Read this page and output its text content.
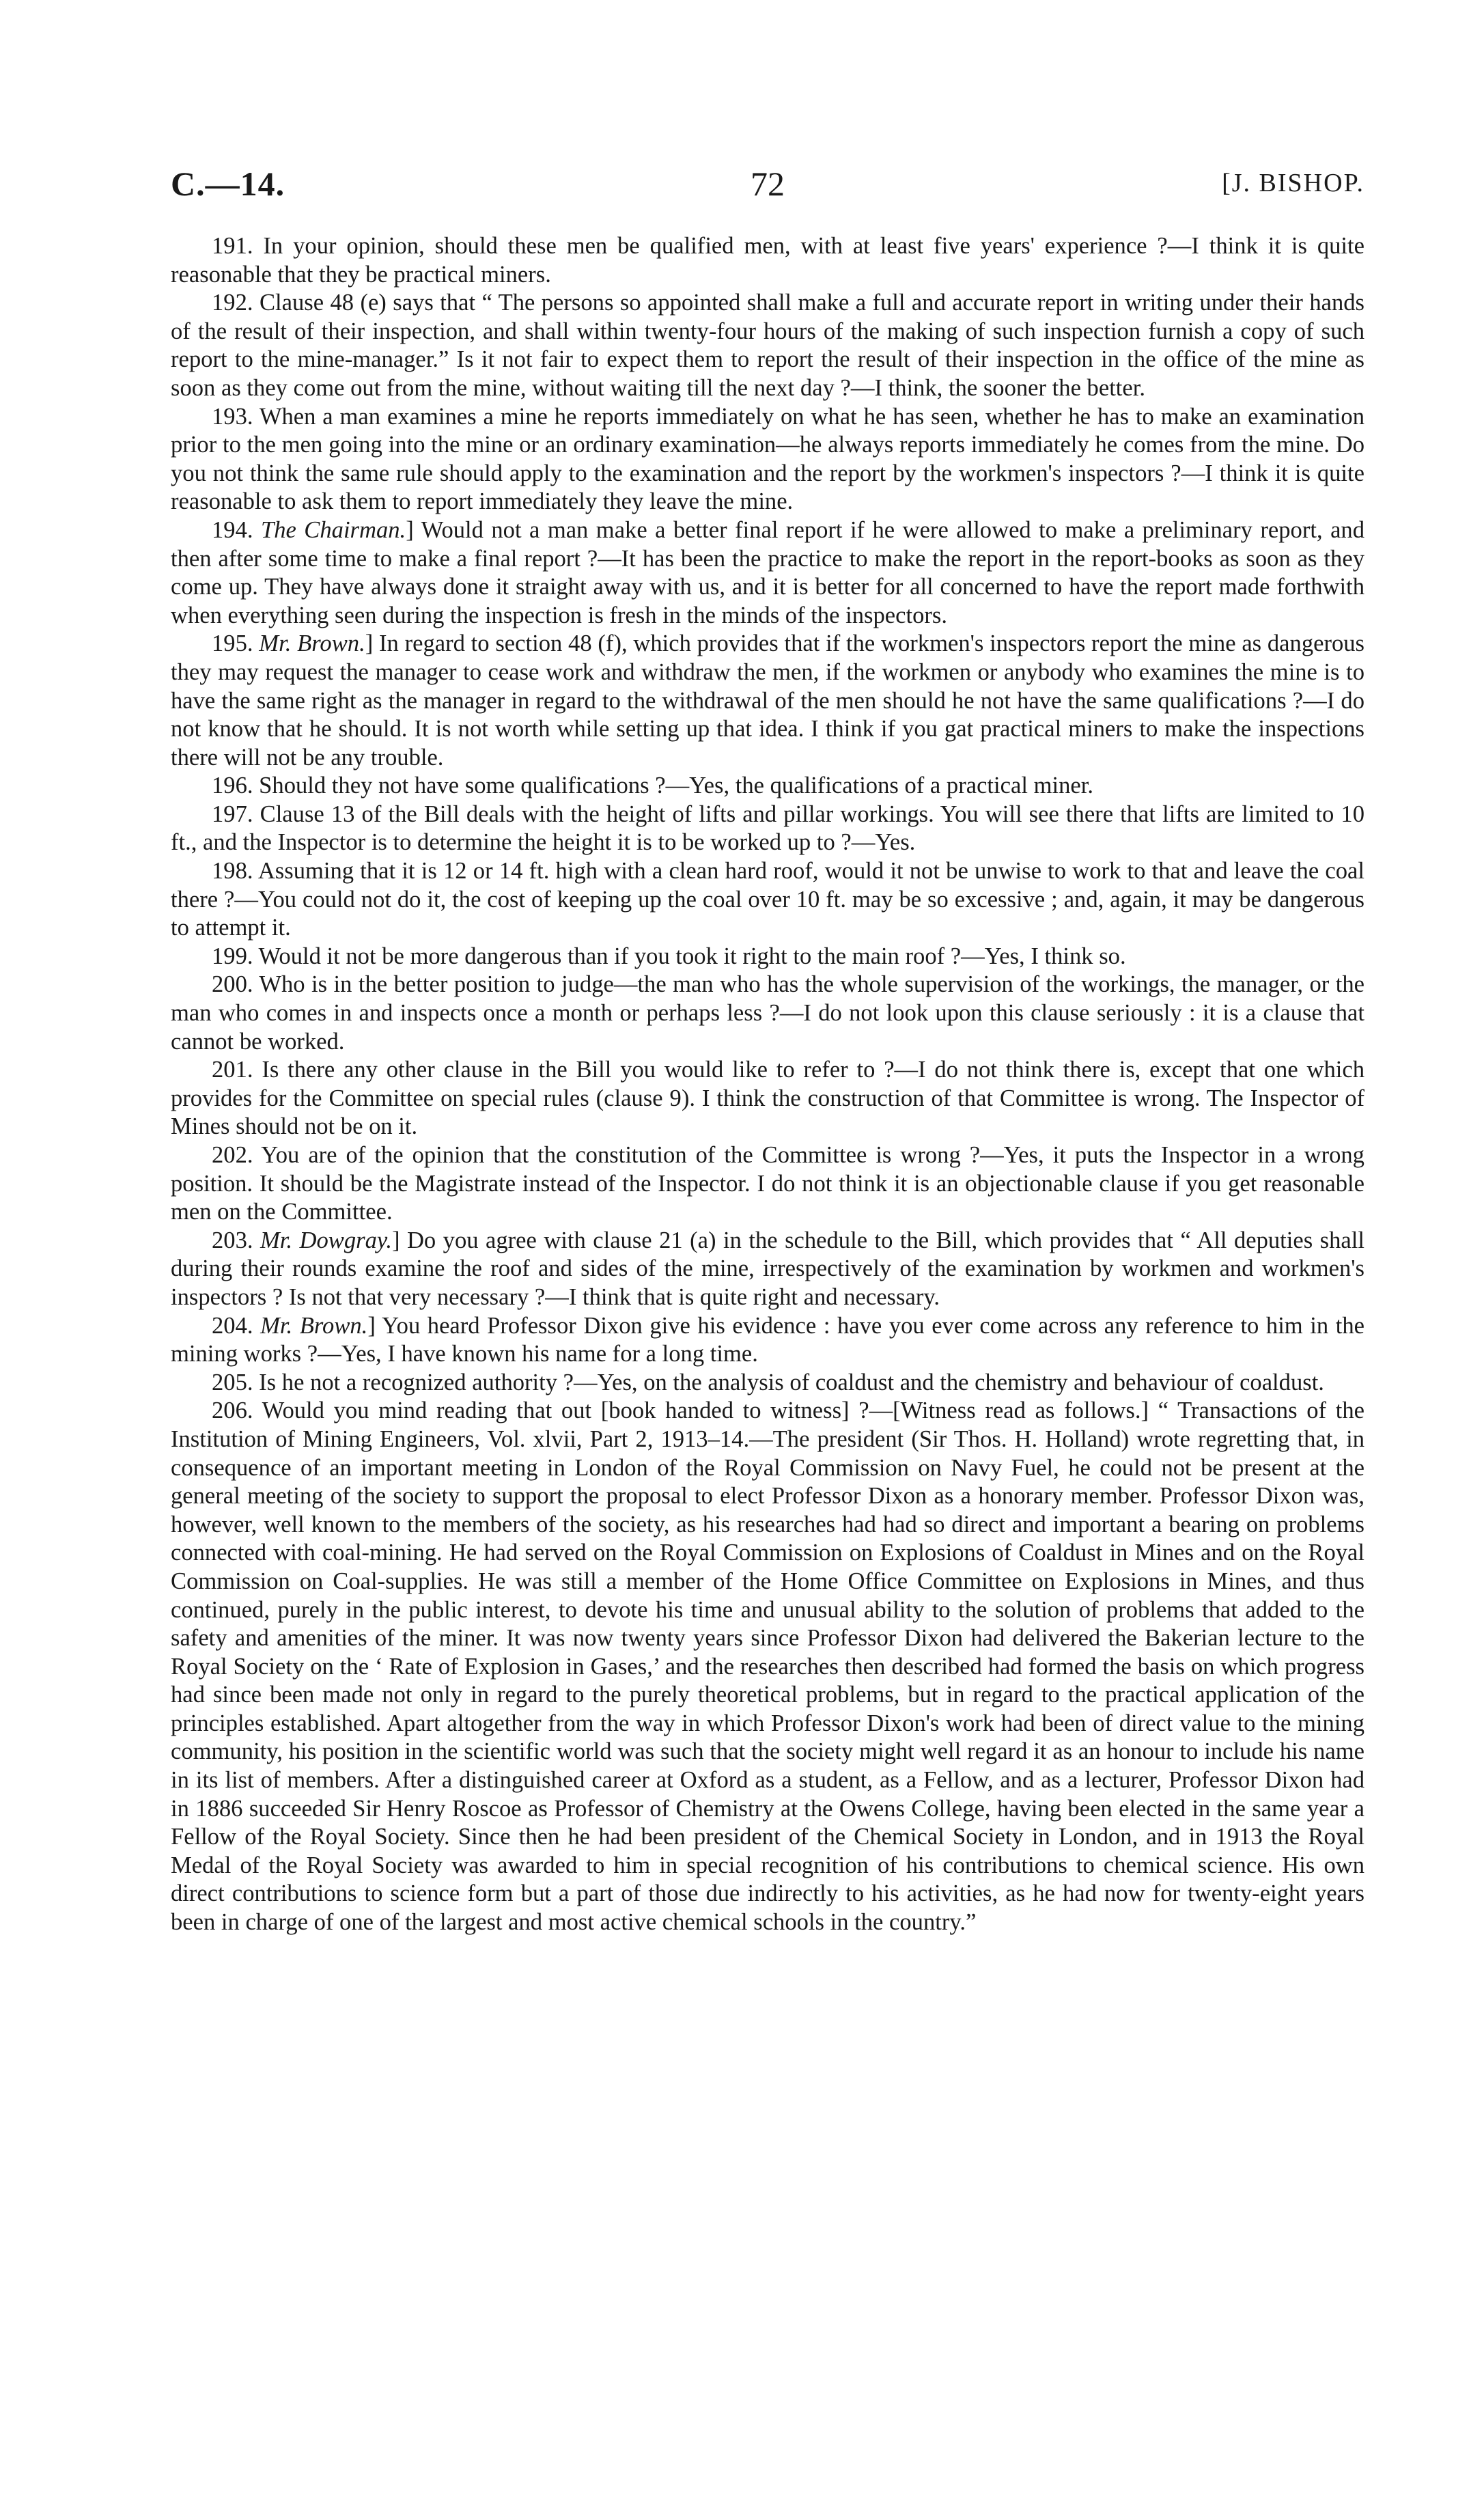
C.—14.	72	[J. BISHOP.

191. In your opinion, should these men be qualified men, with at least five years' experience ?—I think it is quite reasonable that they be practical miners.

192. Clause 48 (e) says that “ The persons so appointed shall make a full and accurate report in writing under their hands of the result of their inspection, and shall within twenty-four hours of the making of such inspection furnish a copy of such report to the mine-manager.” Is it not fair to expect them to report the result of their inspection in the office of the mine as soon as they come out from the mine, without waiting till the next day ?—I think, the sooner the better.

193. When a man examines a mine he reports immediately on what he has seen, whether he has to make an examination prior to the men going into the mine or an ordinary examination—he always reports immediately he comes from the mine. Do you not think the same rule should apply to the examination and the report by the workmen's inspectors ?—I think it is quite reasonable to ask them to report immediately they leave the mine.

194. The Chairman.] Would not a man make a better final report if he were allowed to make a preliminary report, and then after some time to make a final report ?—It has been the practice to make the report in the report-books as soon as they come up. They have always done it straight away with us, and it is better for all concerned to have the report made forthwith when everything seen during the inspection is fresh in the minds of the inspectors.

195. Mr. Brown.] In regard to section 48 (f), which provides that if the workmen's inspectors report the mine as dangerous they may request the manager to cease work and withdraw the men, if the workmen or anybody who examines the mine is to have the same right as the manager in regard to the withdrawal of the men should he not have the same qualifications ?—I do not know that he should. It is not worth while setting up that idea. I think if you gat practical miners to make the inspections there will not be any trouble.

196. Should they not have some qualifications ?—Yes, the qualifications of a practical miner.

197. Clause 13 of the Bill deals with the height of lifts and pillar workings. You will see there that lifts are limited to 10 ft., and the Inspector is to determine the height it is to be worked up to ?—Yes.

198. Assuming that it is 12 or 14 ft. high with a clean hard roof, would it not be unwise to work to that and leave the coal there ?—You could not do it, the cost of keeping up the coal over 10 ft. may be so excessive ; and, again, it may be dangerous to attempt it.

199. Would it not be more dangerous than if you took it right to the main roof ?—Yes, I think so.

200. Who is in the better position to judge—the man who has the whole supervision of the workings, the manager, or the man who comes in and inspects once a month or perhaps less ?—I do not look upon this clause seriously : it is a clause that cannot be worked.

201. Is there any other clause in the Bill you would like to refer to ?—I do not think there is, except that one which provides for the Committee on special rules (clause 9). I think the construction of that Committee is wrong. The Inspector of Mines should not be on it.

202. You are of the opinion that the constitution of the Committee is wrong ?—Yes, it puts the Inspector in a wrong position. It should be the Magistrate instead of the Inspector. I do not think it is an objectionable clause if you get reasonable men on the Committee.

203. Mr. Dowgray.] Do you agree with clause 21 (a) in the schedule to the Bill, which provides that “ All deputies shall during their rounds examine the roof and sides of the mine, irrespectively of the examination by workmen and workmen's inspectors ? Is not that very necessary ?—I think that is quite right and necessary.

204. Mr. Brown.] You heard Professor Dixon give his evidence : have you ever come across any reference to him in the mining works ?—Yes, I have known his name for a long time.

205. Is he not a recognized authority ?—Yes, on the analysis of coaldust and the chemistry and behaviour of coaldust.

206. Would you mind reading that out [book handed to witness] ?—[Witness read as follows.] “ Transactions of the Institution of Mining Engineers, Vol. xlvii, Part 2, 1913–14.—The president (Sir Thos. H. Holland) wrote regretting that, in consequence of an important meeting in London of the Royal Commission on Navy Fuel, he could not be present at the general meeting of the society to support the proposal to elect Professor Dixon as a honorary member. Professor Dixon was, however, well known to the members of the society, as his researches had had so direct and important a bearing on problems connected with coal-mining. He had served on the Royal Commission on Explosions of Coaldust in Mines and on the Royal Commission on Coal-supplies. He was still a member of the Home Office Committee on Explosions in Mines, and thus continued, purely in the public interest, to devote his time and unusual ability to the solution of problems that added to the safety and amenities of the miner. It was now twenty years since Professor Dixon had delivered the Bakerian lecture to the Royal Society on the ‘ Rate of Explosion in Gases,’ and the researches then described had formed the basis on which progress had since been made not only in regard to the purely theoretical problems, but in regard to the practical application of the principles established. Apart altogether from the way in which Professor Dixon's work had been of direct value to the mining community, his position in the scientific world was such that the society might well regard it as an honour to include his name in its list of members. After a distinguished career at Oxford as a student, as a Fellow, and as a lecturer, Professor Dixon had in 1886 succeeded Sir Henry Roscoe as Professor of Chemistry at the Owens College, having been elected in the same year a Fellow of the Royal Society. Since then he had been president of the Chemical Society in London, and in 1913 the Royal Medal of the Royal Society was awarded to him in special recognition of his contributions to chemical science. His own direct contributions to science form but a part of those due indirectly to his activities, as he had now for twenty-eight years been in charge of one of the largest and most active chemical schools in the country.”
